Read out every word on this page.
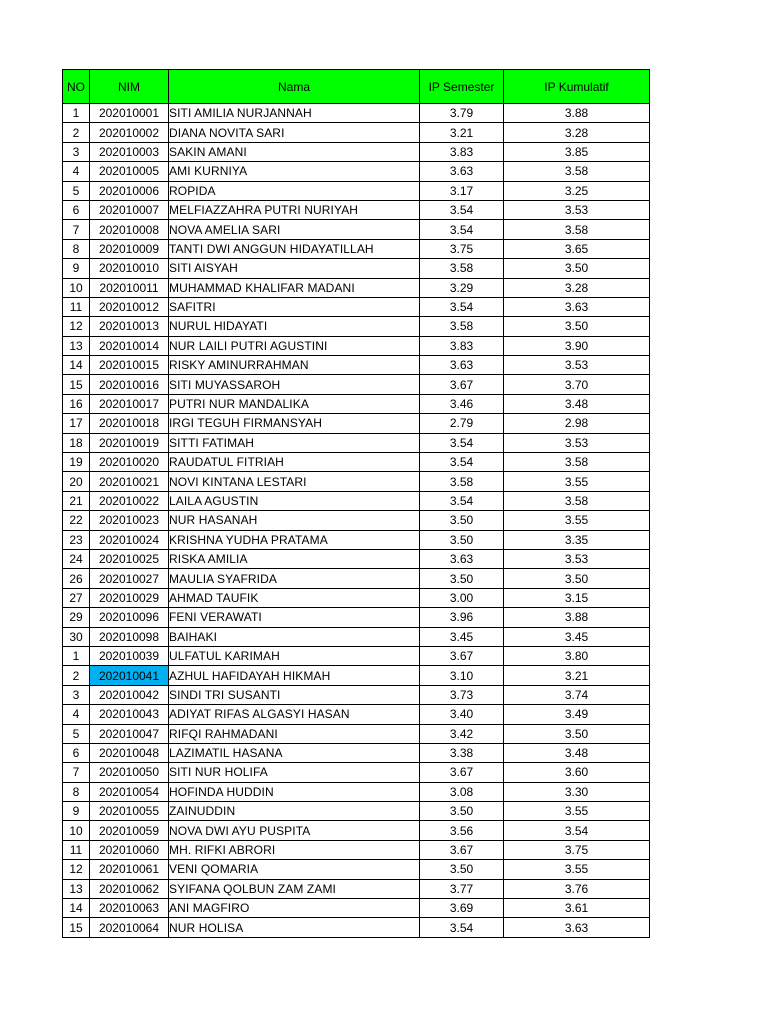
NO	NIM	Nama	IP Semester	IP Kumulatif
1	202010001	SITI AMILIA NURJANNAH	3.79	3.88
2	202010002	DIANA NOVITA SARI	3.21	3.28
3	202010003	SAKIN AMANI	3.83	3.85
4	202010005	AMI KURNIYA	3.63	3.58
5	202010006	ROPIDA	3.17	3.25
6	202010007	MELFIAZZAHRA PUTRI NURIYAH	3.54	3.53
7	202010008	NOVA AMELIA SARI	3.54	3.58
8	202010009	TANTI DWI ANGGUN HIDAYATILLAH	3.75	3.65
9	202010010	SITI AISYAH	3.58	3.50
10	202010011	MUHAMMAD KHALIFAR MADANI	3.29	3.28
11	202010012	SAFITRI	3.54	3.63
12	202010013	NURUL HIDAYATI	3.58	3.50
13	202010014	NUR LAILI PUTRI AGUSTINI	3.83	3.90
14	202010015	RISKY AMINURRAHMAN	3.63	3.53
15	202010016	SITI MUYASSAROH	3.67	3.70
16	202010017	PUTRI NUR MANDALIKA	3.46	3.48
17	202010018	IRGI TEGUH FIRMANSYAH	2.79	2.98
18	202010019	SITTI FATIMAH	3.54	3.53
19	202010020	RAUDATUL FITRIAH	3.54	3.58
20	202010021	NOVI KINTANA LESTARI	3.58	3.55
21	202010022	LAILA AGUSTIN	3.54	3.58
22	202010023	NUR HASANAH	3.50	3.55
23	202010024	KRISHNA YUDHA PRATAMA	3.50	3.35
24	202010025	RISKA AMILIA	3.63	3.53
26	202010027	MAULIA SYAFRIDA	3.50	3.50
27	202010029	AHMAD TAUFIK	3.00	3.15
29	202010096	FENI VERAWATI	3.96	3.88
30	202010098	BAIHAKI	3.45	3.45
1	202010039	ULFATUL KARIMAH	3.67	3.80
2	202010041	AZHUL HAFIDAYAH HIKMAH	3.10	3.21
3	202010042	SINDI TRI SUSANTI	3.73	3.74
4	202010043	ADIYAT RIFAS ALGASYI HASAN	3.40	3.49
5	202010047	RIFQI RAHMADANI	3.42	3.50
6	202010048	LAZIMATIL HASANA	3.38	3.48
7	202010050	SITI NUR HOLIFA	3.67	3.60
8	202010054	HOFINDA HUDDIN	3.08	3.30
9	202010055	ZAINUDDIN	3.50	3.55
10	202010059	NOVA DWI AYU PUSPITA	3.56	3.54
11	202010060	MH. RIFKI ABRORI	3.67	3.75
12	202010061	VENI QOMARIA	3.50	3.55
13	202010062	SYIFANA QOLBUN ZAM ZAMI	3.77	3.76
14	202010063	ANI MAGFIRO	3.69	3.61
15	202010064	NUR HOLISA	3.54	3.63
